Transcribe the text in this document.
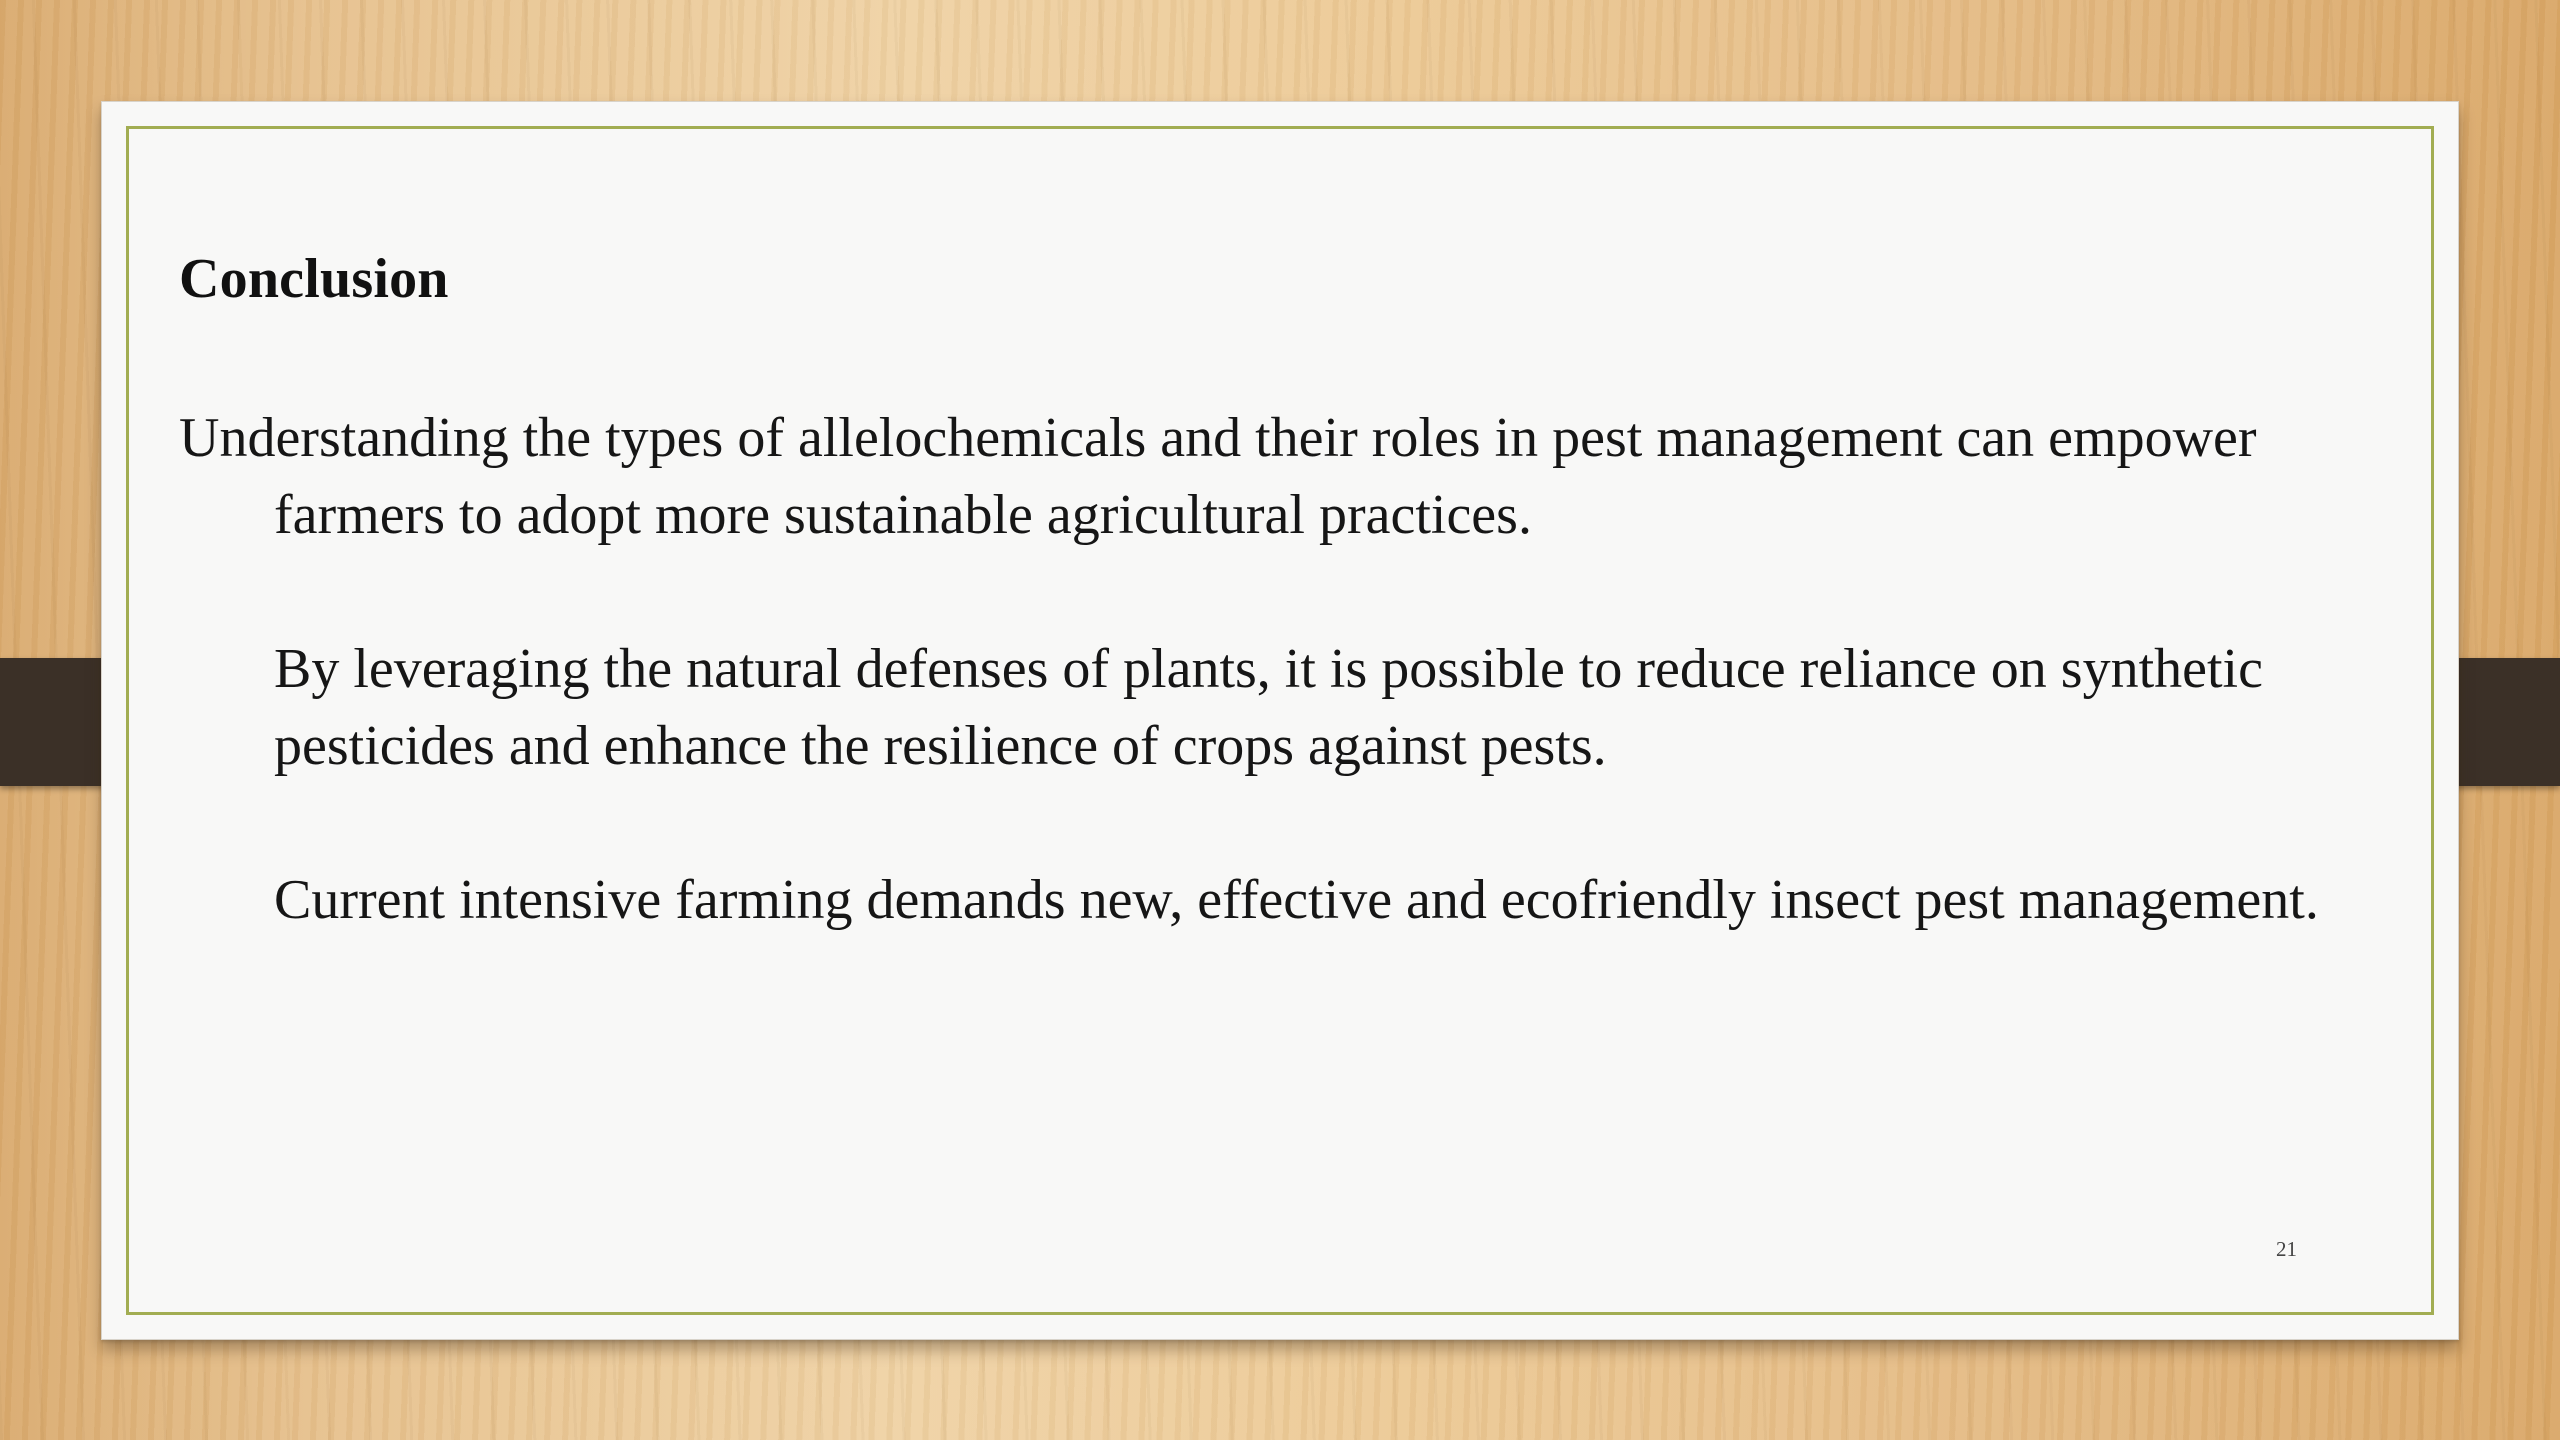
Conclusion

Understanding the types of allelochemicals and their roles in pest management can empower farmers to adopt more sustainable agricultural practices.

By leveraging the natural defenses of plants, it is possible to reduce reliance on synthetic pesticides and enhance the resilience of crops against pests.

Current intensive farming demands new, effective and ecofriendly insect pest management.

21
